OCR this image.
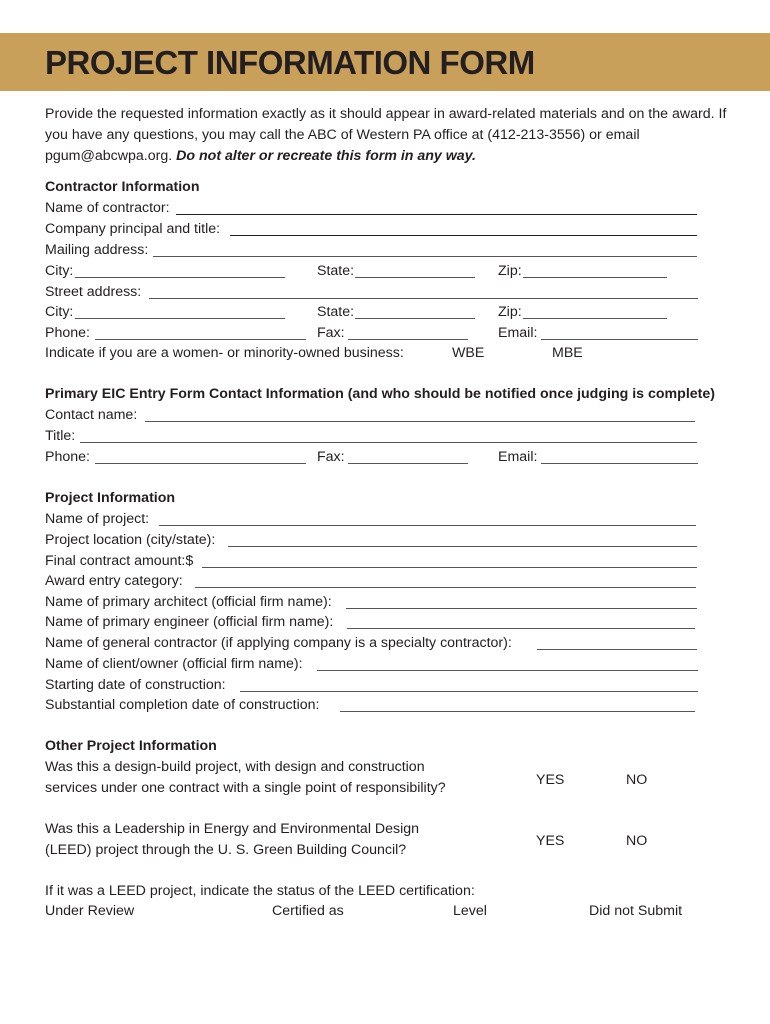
PROJECT INFORMATION FORM
Provide the requested information exactly as it should appear in award-related materials and on the award. If you have any questions, you may call the ABC of Western PA office at (412-213-3556) or email pgum@abcwpa.org. Do not alter or recreate this form in any way.
Contractor Information
Name of contractor:
Company principal and title:
Mailing address:
City:	State:	Zip:
Street address:
City:	State:	Zip:
Phone:	Fax:	Email:
Indicate if you are a women- or minority-owned business:	WBE	MBE
Primary EIC Entry Form Contact Information (and who should be notified once judging is complete)
Contact name:
Title:
Phone:	Fax:	Email:
Project Information
Name of project:
Project location (city/state):
Final contract amount:$
Award entry category:
Name of primary architect (official firm name):
Name of primary engineer (official firm name):
Name of general contractor (if applying company is a specialty contractor):
Name of client/owner (official firm name):
Starting date of construction:
Substantial completion date of construction:
Other Project Information
Was this a design-build project, with design and construction
services under one contract with a single point of responsibility?	YES	NO
Was this a Leadership in Energy and Environmental Design
(LEED) project through the U. S. Green Building Council?
YES	NO
If it was a LEED project, indicate the status of the LEED certification:
Under Review	Certified as	Level	Did not Submit
